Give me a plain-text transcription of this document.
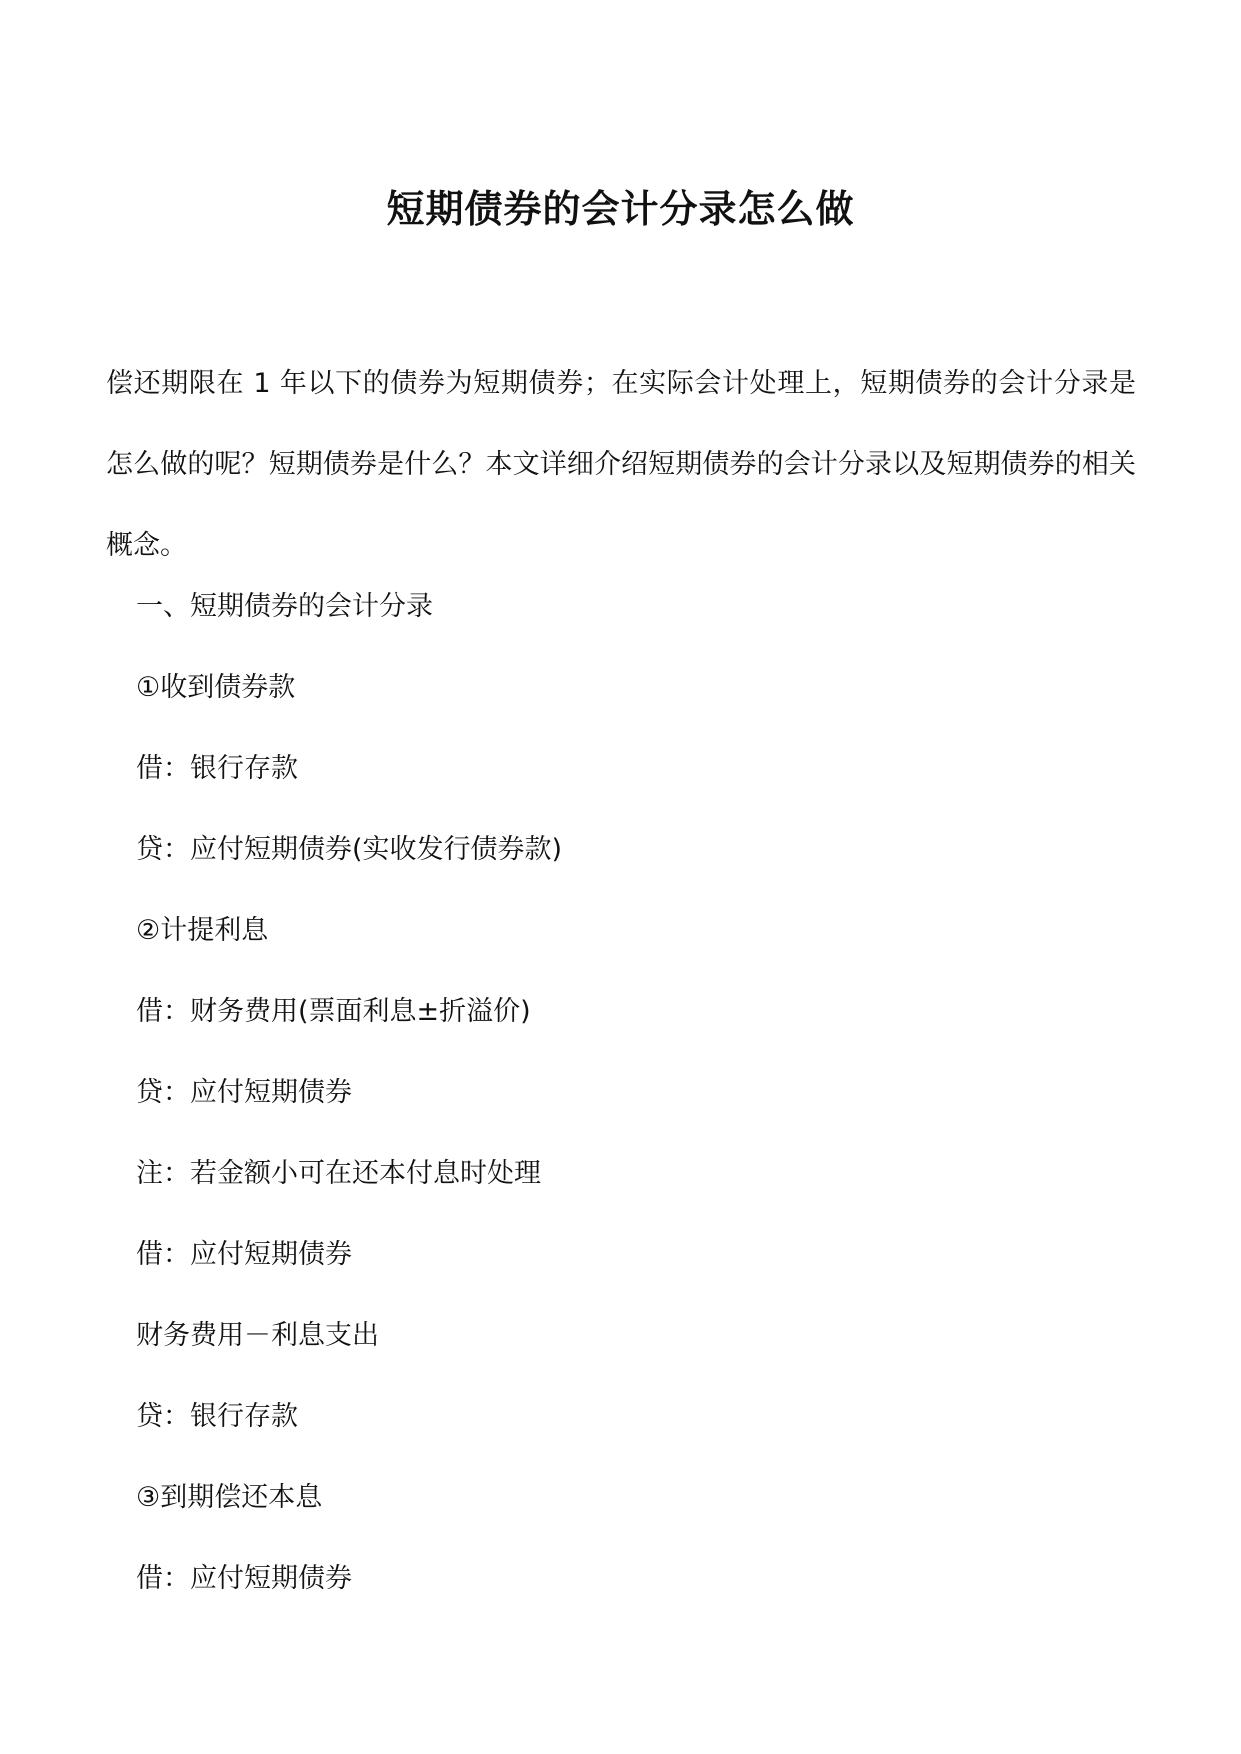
短期债券的会计分录怎么做

偿还期限在 1 年以下的债券为短期债券；在实际会计处理上，短期债券的会计分录是怎么做的呢？短期债券是什么？本文详细介绍短期债券的会计分录以及短期债券的相关概念。

一、短期债券的会计分录
①收到债券款
借：银行存款
贷：应付短期债券(实收发行债券款)
②计提利息
借：财务费用(票面利息±折溢价)
贷：应付短期债券
注：若金额小可在还本付息时处理
借：应付短期债券
财务费用－利息支出
贷：银行存款
③到期偿还本息
借：应付短期债券
